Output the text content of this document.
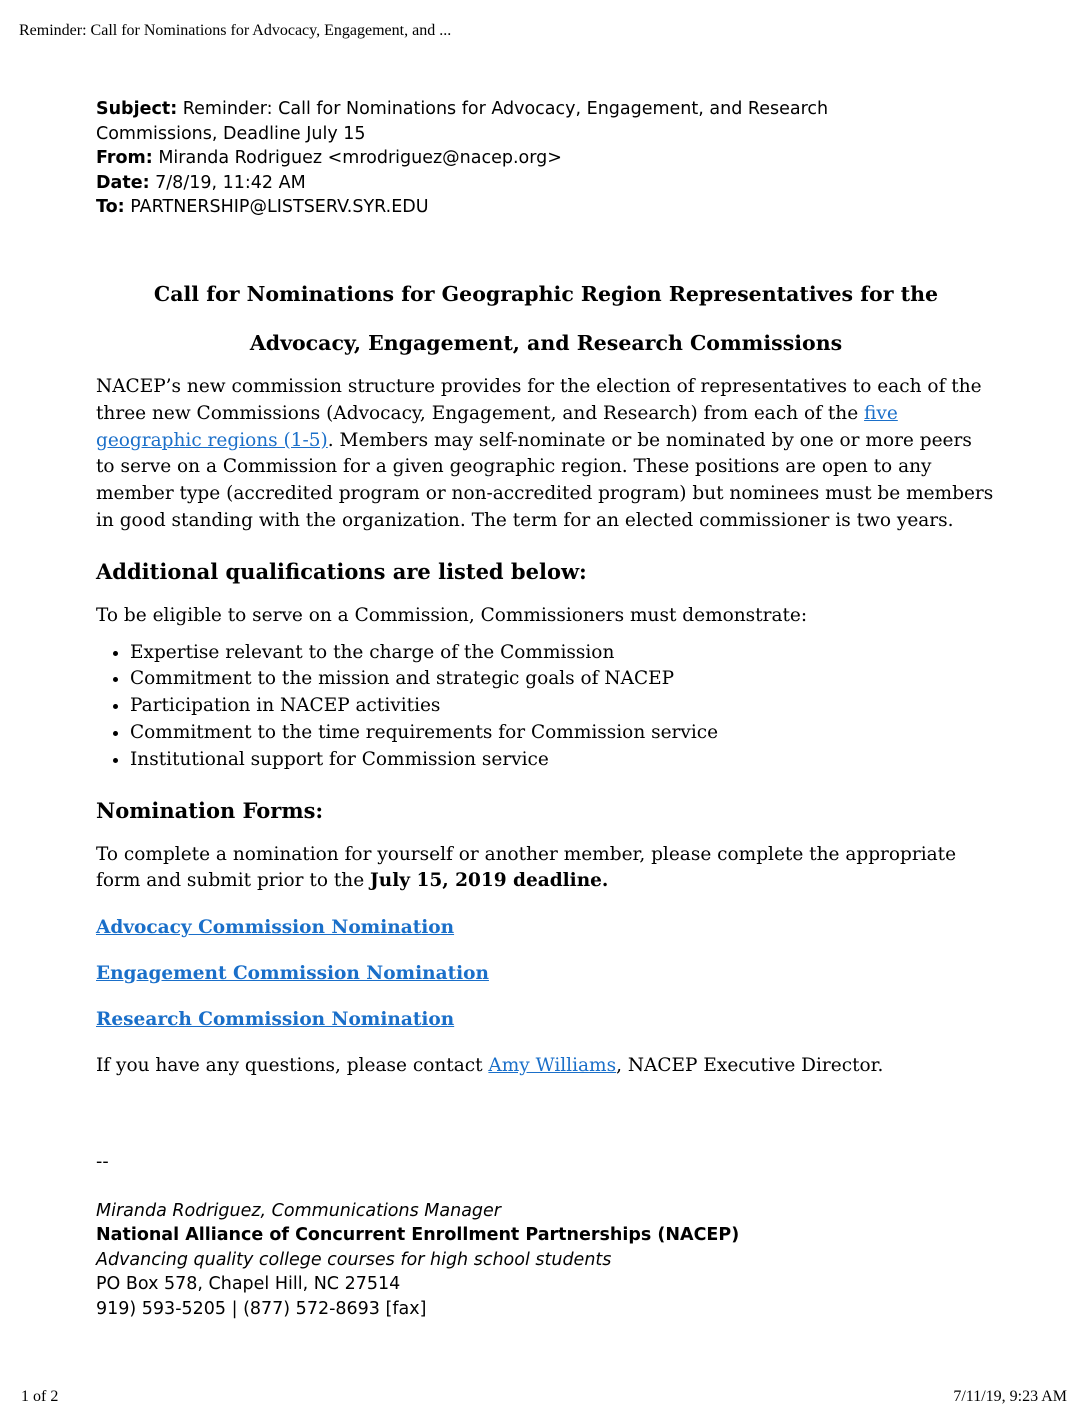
Reminder: Call for Nominations for Advocacy, Engagement, and ...
Subject: Reminder: Call for Nominations for Advocacy, Engagement, and Research Commissions, Deadline July 15
From: Miranda Rodriguez <mrodriguez@nacep.org>
Date: 7/8/19, 11:42 AM
To: PARTNERSHIP@LISTSERV.SYR.EDU
Call for Nominations for Geographic Region Representatives for the
Advocacy, Engagement, and Research Commissions

NACEP’s new commission structure provides for the election of representatives to each of the three new Commissions (Advocacy, Engagement, and Research) from each of the five geographic regions (1-5). Members may self-nominate or be nominated by one or more peers to serve on a Commission for a given geographic region. These positions are open to any member type (accredited program or non-accredited program) but nominees must be members in good standing with the organization. The term for an elected commissioner is two years.

Additional qualifications are listed below:

To be eligible to serve on a Commission, Commissioners must demonstrate:

• Expertise relevant to the charge of the Commission
• Commitment to the mission and strategic goals of NACEP
• Participation in NACEP activities
• Commitment to the time requirements for Commission service
• Institutional support for Commission service
Nomination Forms:

To complete a nomination for yourself or another member, please complete the appropriate form and submit prior to the July 15, 2019 deadline.

Advocacy Commission Nomination
Engagement Commission Nomination
Research Commission Nomination

If you have any questions, please contact Amy Williams, NACEP Executive Director.

--
Miranda Rodriguez, Communications Manager
National Alliance of Concurrent Enrollment Partnerships (NACEP)
Advancing quality college courses for high school students
PO Box 578, Chapel Hill, NC 27514
919) 593-5205 | (877) 572-8693 [fax]
1 of 2	7/11/19, 9:23 AM
